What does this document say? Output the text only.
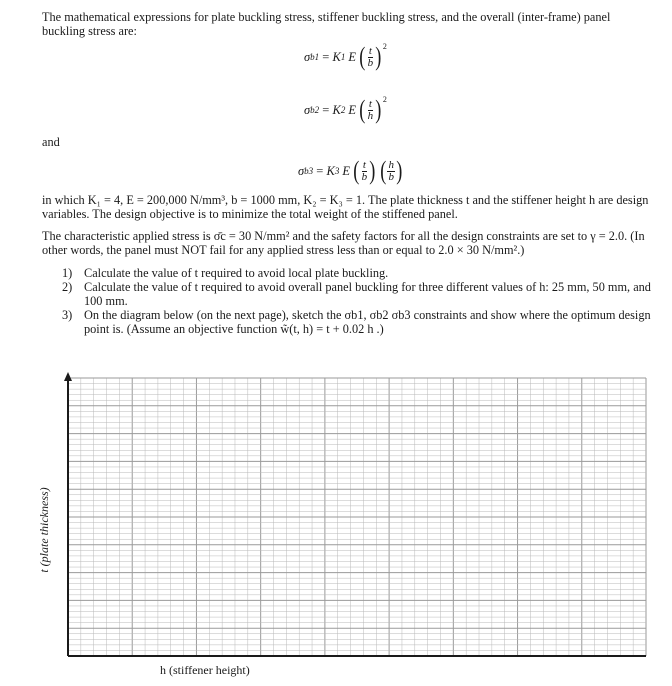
The mathematical expressions for plate buckling stress, stiffener buckling stress, and the overall (inter-frame) panel buckling stress are:
σ b1 = K 1 E ( $\frac{t}{b}$ ) 2
σ b2 = K 2 E ( $\frac{t}{h}$ ) 2
and
σ b3 = K 3 E ( $\frac{t}{b}$ ) ( $\frac{h}{b}$ )
in which K₁ = 4, E = 200,000 N/mm³, b = 1000 mm, K₂ = K₃ = 1. The plate thickness t and the stiffener height h are design variables. The design objective is to minimize the total weight of the stiffened panel.
The characteristic applied stress is σ̄c = 30 N/mm² and the safety factors for all the design constraints are set to γ = 2.0. (In other words, the panel must NOT fail for any applied stress less than or equal to 2.0 × 30 N/mm².)
1) Calculate the value of t required to avoid local plate buckling.
2) Calculate the value of t required to avoid overall panel buckling for three different values of h: 25 mm, 50 mm, and 100 mm.
3) On the diagram below (on the next page), sketch the σb1, σb2 σb3 constraints and show where the optimum design point is. (Assume an objective function w̃(t, h) = t + 0.02 h .)
t (plate thickness)
h (stiffener height)
